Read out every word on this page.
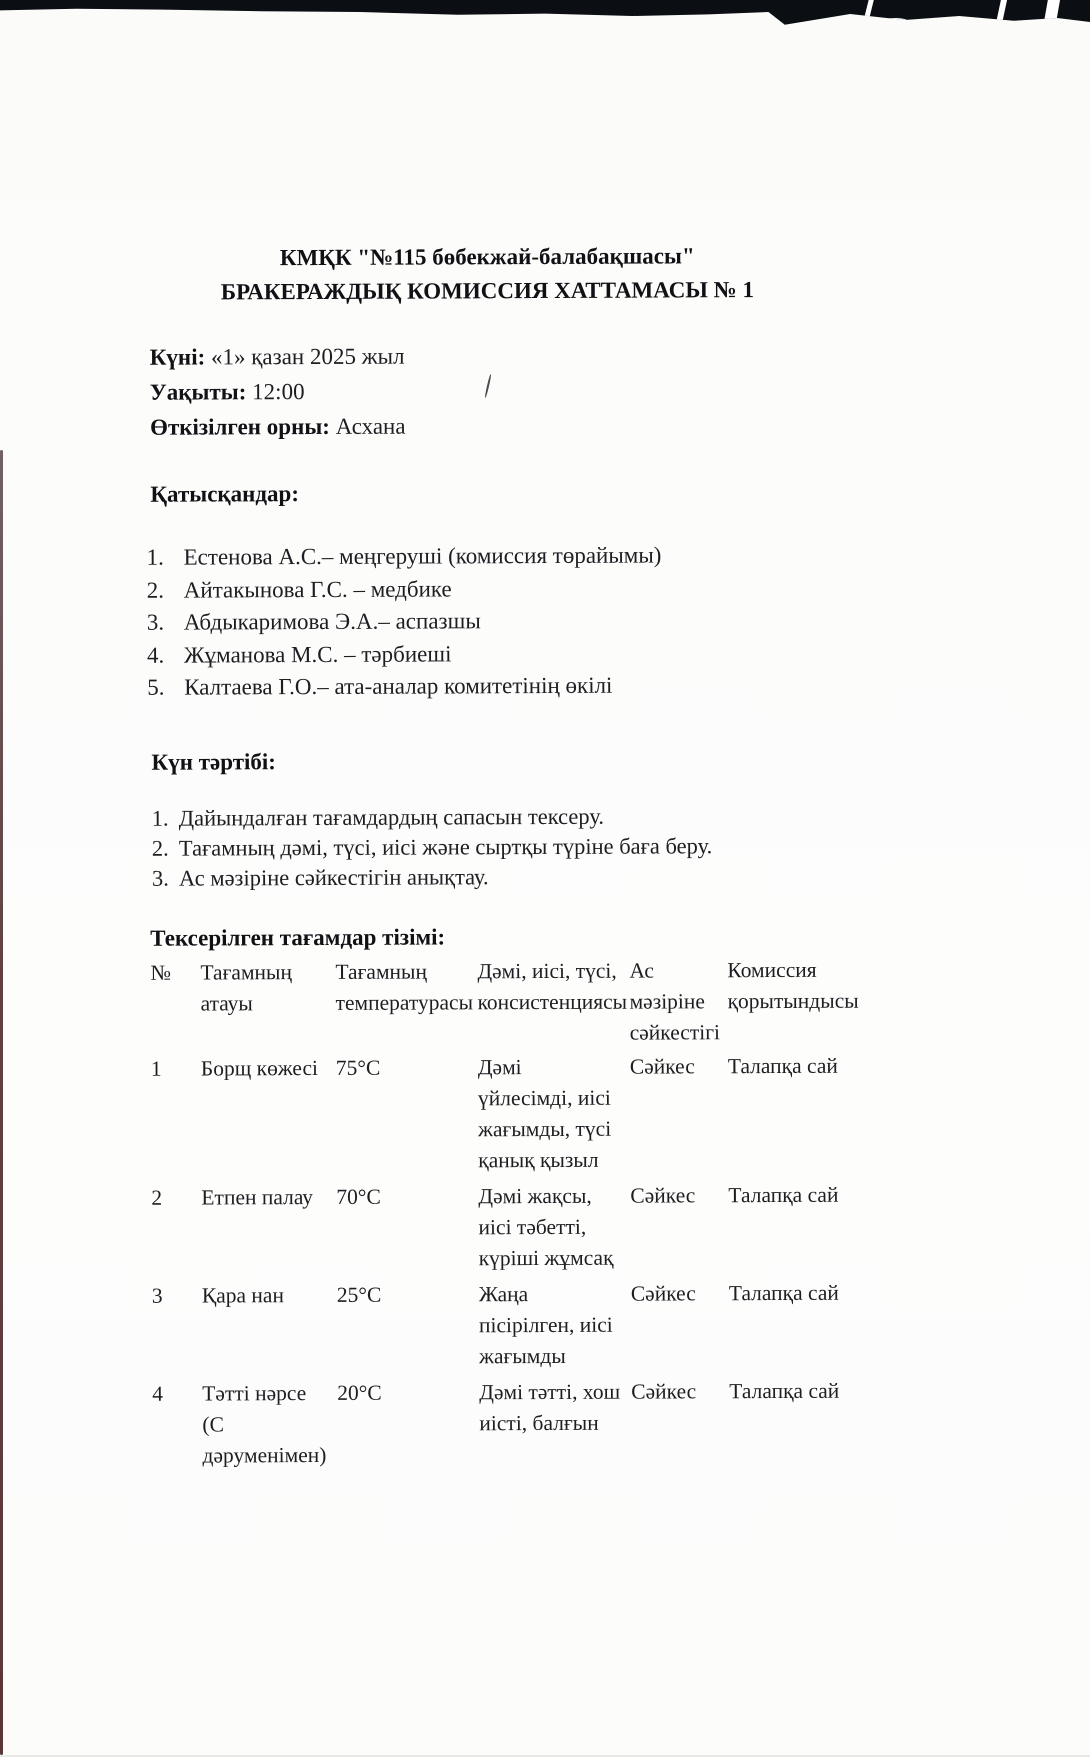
КМҚК "№115 бөбекжай-балабақшасы"
БРАКЕРАЖДЫҚ КОМИССИЯ ХАТТАМАСЫ № 1
Күні: «1» қазан 2025 жыл
Уақыты: 12:00
Өткізілген орны: Асхана
Қатысқандар:
1. Естенова А.С.– меңгеруші (комиссия төрайымы)
2. Айтакынова Г.С. – медбике
3. Абдыкаримова Э.А.– аспазшы
4. Жұманова М.С. – тәрбиеші
5. Калтаева Г.О.– ата-аналар комитетінің өкілі
Күн тәртібі:
1. Дайындалған тағамдардың сапасын тексеру.
2. Тағамның дәмі, түсі, иісі және сыртқы түріне баға беру.
3. Ас мәзіріне сәйкестігін анықтау.
Тексерілген тағамдар тізімі:
№	Тағамның атауы	Тағамның температурасы	Дәмі, иісі, түсі, консистенциясы	Ас мәзіріне сәйкестігі	Комиссия қорытындысы
1	Борщ көжесі	75°С	Дәмі үйлесімді, иісі жағымды, түсі қанық қызыл	Сәйкес	Талапқа сай
2	Етпен палау	70°С	Дәмі жақсы, иісі тәбетті, күріші жұмсақ	Сәйкес	Талапқа сай
3	Қара нан	25°С	Жаңа пісірілген, иісі жағымды	Сәйкес	Талапқа сай
4	Тәтті нәрсе (С дәруменімен)	20°С	Дәмі тәтті, хош иісті, балғын	Сәйкес	Талапқа сай
